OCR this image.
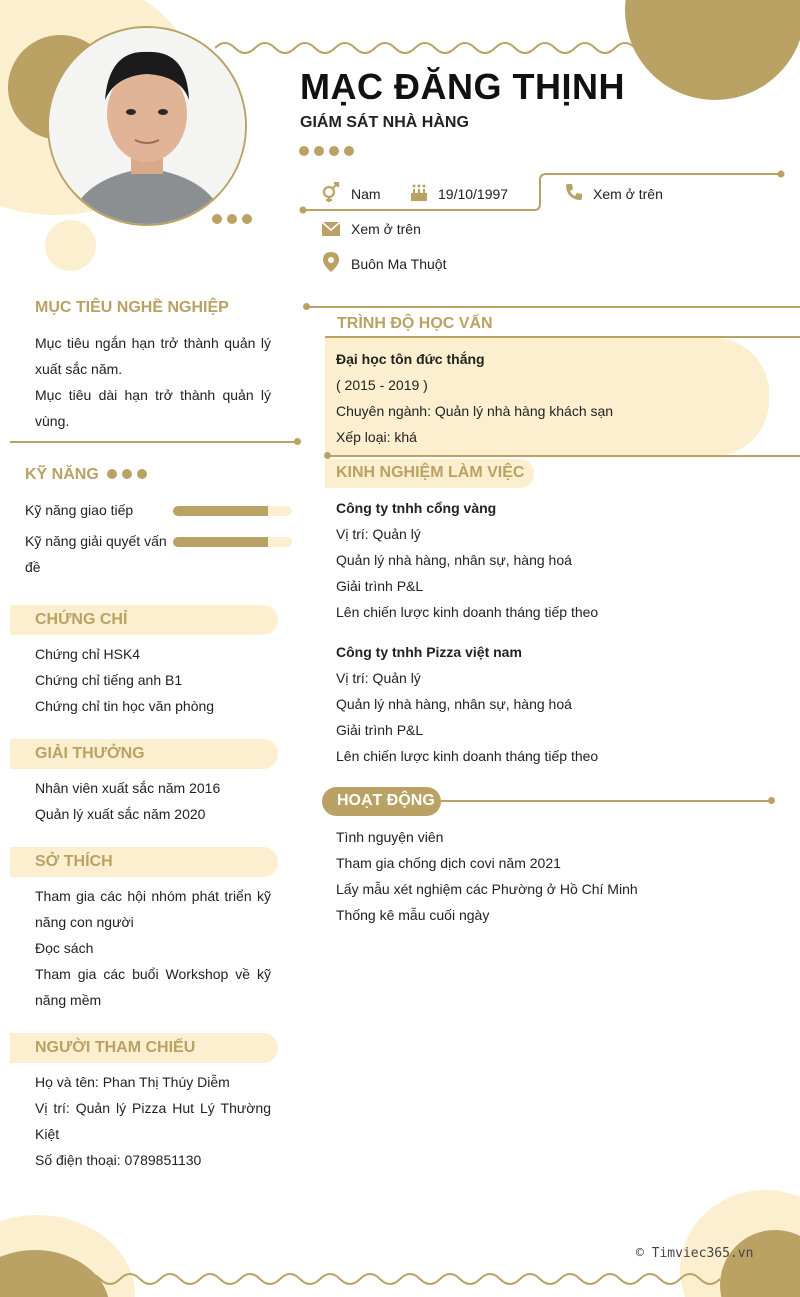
MẠC ĐĂNG THỊNH
GIÁM SÁT NHÀ HÀNG
Nam	19/10/1997	Xem ở trên
Xem ở trên
Buôn Ma Thuột
MỤC TIÊU NGHỀ NGHIỆP
Mục tiêu ngắn hạn trở thành quản lý xuất sắc năm.
Mục tiêu dài hạn trở thành quản lý vùng.
KỸ NĂNG
Kỹ năng giao tiếp
Kỹ năng giải quyết vấn đề
CHỨNG CHỈ
Chứng chỉ HSK4
Chứng chỉ tiếng anh B1
Chứng chỉ tin học văn phòng
GIẢI THƯỞNG
Nhân viên xuất sắc năm 2016
Quản lý xuất sắc năm 2020
SỞ THÍCH
Tham gia các hội nhóm phát triển kỹ năng con người
Đọc sách
Tham gia các buổi Workshop về kỹ năng mềm
NGƯỜI THAM CHIẾU
Họ và tên: Phan Thị Thúy Diễm
Vị trí: Quản lý Pizza Hut Lý Thường Kiệt
Số điện thoại: 0789851130
TRÌNH ĐỘ HỌC VẤN
Đại học tôn đức thắng
( 2015 - 2019 )
Chuyên ngành: Quản lý nhà hàng khách sạn
Xếp loại: khá
KINH NGHIỆM LÀM VIỆC
Công ty tnhh cổng vàng
Vị trí: Quản lý
Quản lý nhà hàng, nhân sự, hàng hoá
Giải trình P&L
Lên chiến lược kinh doanh tháng tiếp theo
Công ty tnhh Pizza việt nam
Vị trí: Quản lý
Quản lý nhà hàng, nhân sự, hàng hoá
Giải trình P&L
Lên chiến lược kinh doanh tháng tiếp theo
HOẠT ĐỘNG
Tình nguyện viên
Tham gia chống dịch covi năm 2021
Lấy mẫu xét nghiệm các Phường ở Hồ Chí Minh
Thống kê mẫu cuối ngày
© Timviec365.vn
